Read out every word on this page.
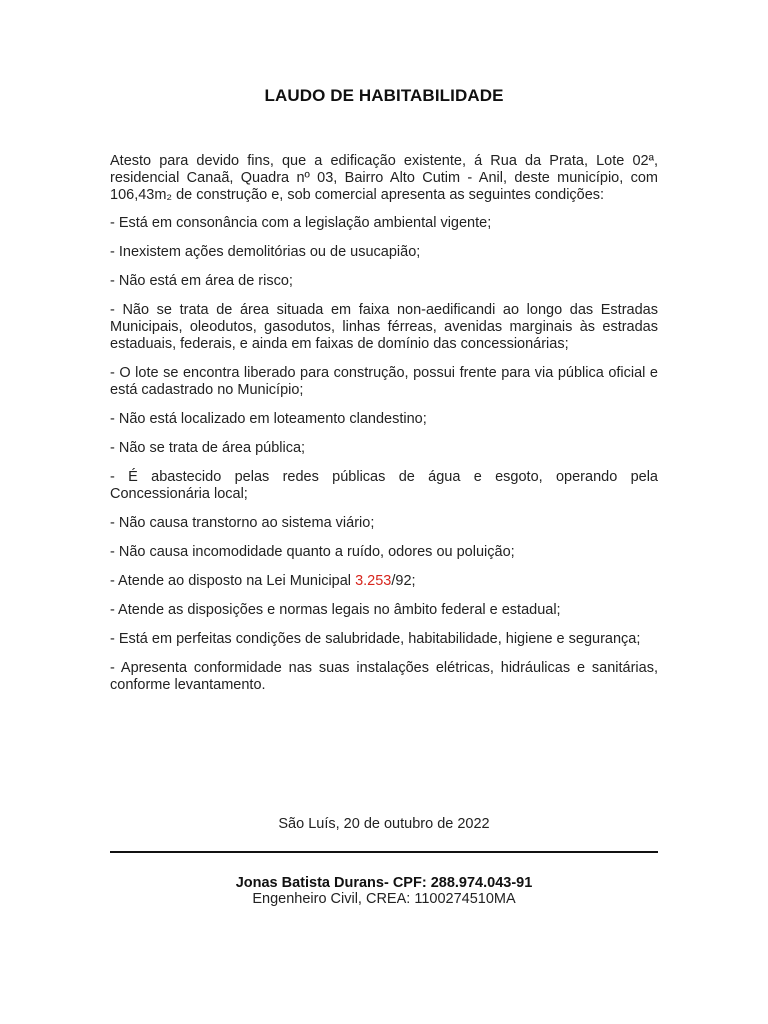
LAUDO DE HABITABILIDADE

Atesto para devido fins, que a edificação existente, á Rua da Prata, Lote 02ª, residencial Canaã, Quadra nº 03, Bairro Alto Cutim - Anil, deste município, com 106,43m₂ de construção e, sob comercial apresenta as seguintes condições:

- Está em consonância com a legislação ambiental vigente;

- Inexistem ações demolitórias ou de usucapião;

- Não está em área de risco;

- Não se trata de área situada em faixa non-aedificandi ao longo das Estradas Municipais, oleodutos, gasodutos, linhas férreas, avenidas marginais às estradas estaduais, federais, e ainda em faixas de domínio das concessionárias;

- O lote se encontra liberado para construção, possui frente para via pública oficial e está cadastrado no Município;

- Não está localizado em loteamento clandestino;

- Não se trata de área pública;

- É abastecido pelas redes públicas de água e esgoto, operando pela Concessionária local;

- Não causa transtorno ao sistema viário;

- Não causa incomodidade quanto a ruído, odores ou poluição;

- Atende ao disposto na Lei Municipal 3.253/92;

- Atende as disposições e normas legais no âmbito federal e estadual;

- Está em perfeitas condições de salubridade, habitabilidade, higiene e segurança;

- Apresenta conformidade nas suas instalações elétricas, hidráulicas e sanitárias, conforme levantamento.

São Luís, 20 de outubro de 2022
Jonas Batista Durans- CPF: 288.974.043-91
Engenheiro Civil, CREA: 1100274510MA
